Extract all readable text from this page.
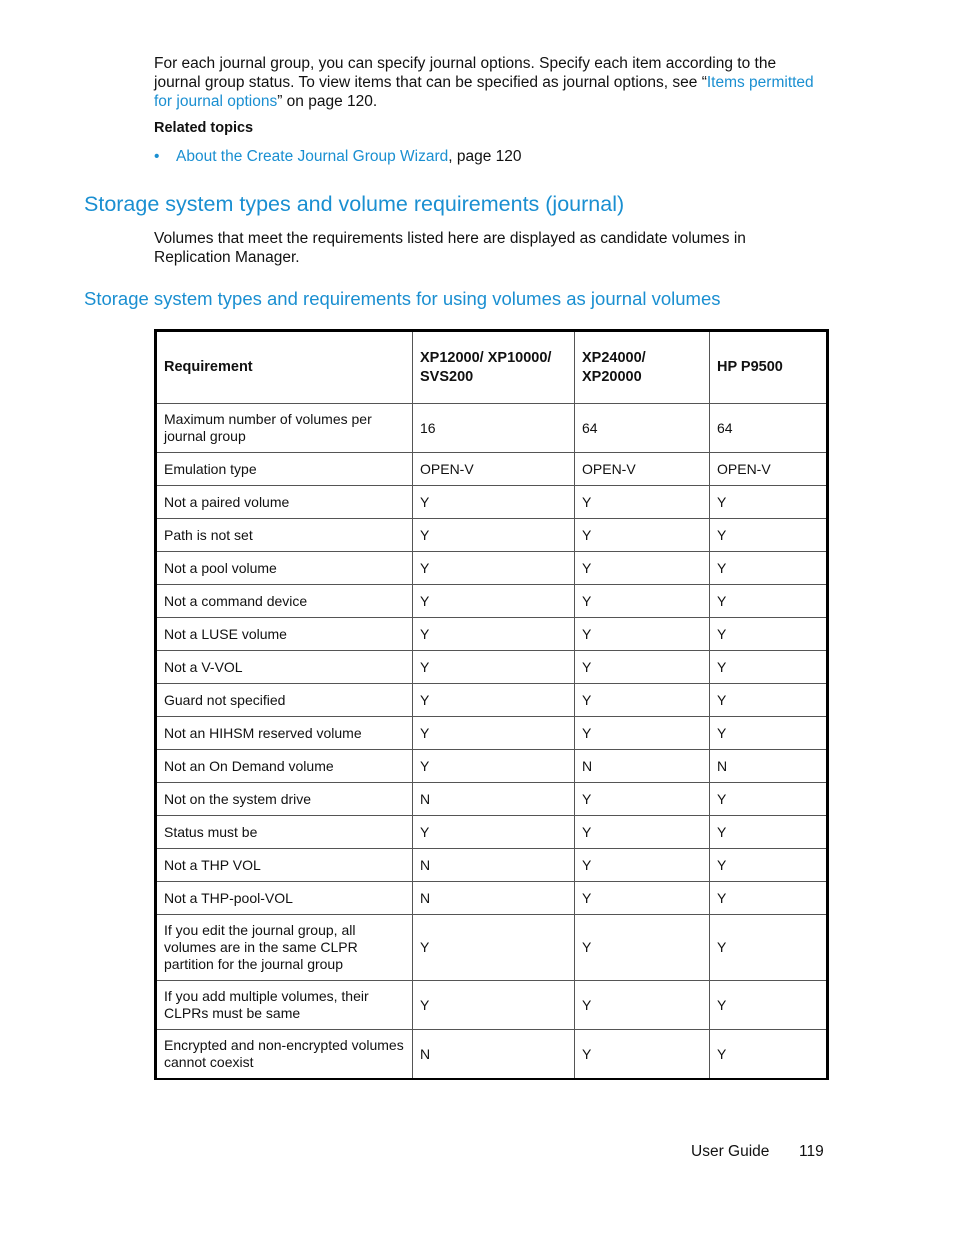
For each journal group, you can specify journal options. Specify each item according to the journal group status. To view items that can be specified as journal options, see “Items permitted for journal options” on page 120.

Related topics
• About the Create Journal Group Wizard, page 120
Storage system types and volume requirements (journal)

Volumes that meet the requirements listed here are displayed as candidate volumes in Replication Manager.

Storage system types and requirements for using volumes as journal volumes
Requirement	XP12000/ XP10000/ SVS200	XP24000/ XP20000	HP P9500
Maximum number of volumes per journal group	16	64	64
Emulation type	OPEN-V	OPEN-V	OPEN-V
Not a paired volume	Y	Y	Y
Path is not set	Y	Y	Y
Not a pool volume	Y	Y	Y
Not a command device	Y	Y	Y
Not a LUSE volume	Y	Y	Y
Not a V-VOL	Y	Y	Y
Guard not specified	Y	Y	Y
Not an HIHSM reserved volume	Y	Y	Y
Not an On Demand volume	Y	N	N
Not on the system drive	N	Y	Y
Status must be	Y	Y	Y
Not a THP VOL	N	Y	Y
Not a THP-pool-VOL	N	Y	Y
If you edit the journal group, all volumes are in the same CLPR partition for the journal group	Y	Y	Y
If you add multiple volumes, their CLPRs must be same	Y	Y	Y
Encrypted and non-encrypted volumes cannot coexist	N	Y	Y
User Guide 119
